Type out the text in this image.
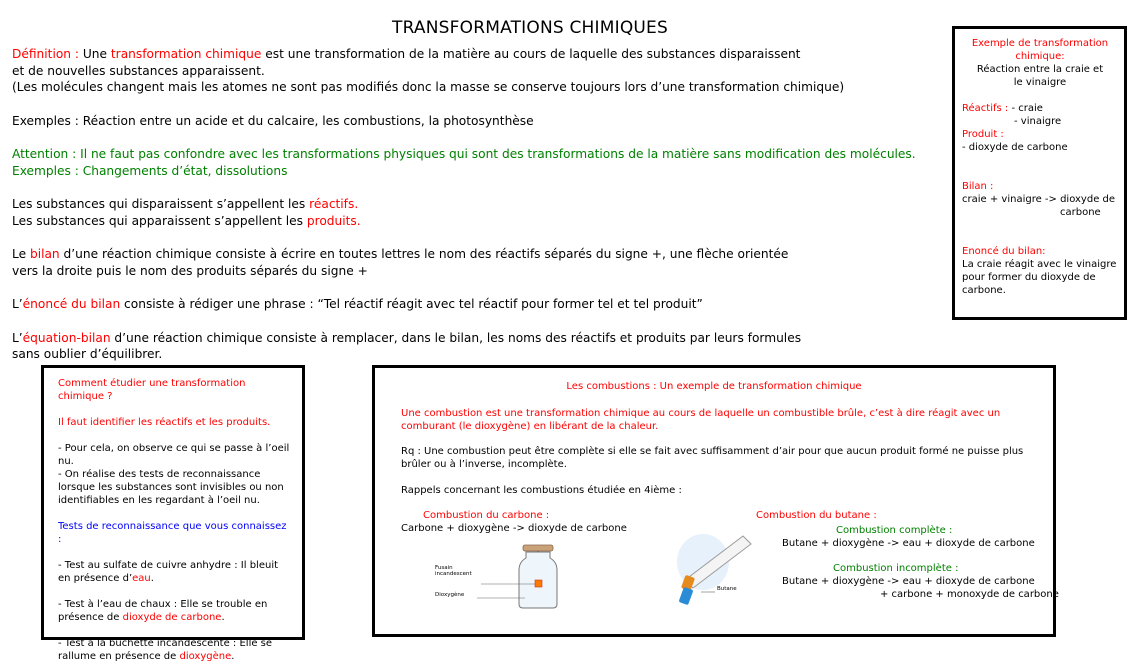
TRANSFORMATIONS CHIMIQUES

Définition : Une transformation chimique est une transformation de la matière au cours de laquelle des substances disparaissent

et de nouvelles substances apparaissent.

(Les molécules changent mais les atomes ne sont pas modifiés donc la masse se conserve toujours lors d’une transformation chimique)

Exemples : Réaction entre un acide et du calcaire, les combustions, la photosynthèse

Attention : Il ne faut pas confondre avec les transformations physiques qui sont des transformations de la matière sans modification des molécules.

Exemples : Changements d’état, dissolutions

Les substances qui disparaissent s’appellent les réactifs.

Les substances qui apparaissent s’appellent les produits.

Le bilan d’une réaction chimique consiste à écrire en toutes lettres le nom des réactifs séparés du signe +, une flèche orientée

vers la droite puis le nom des produits séparés du signe +

L’énoncé du bilan consiste à rédiger une phrase : “Tel réactif réagit avec tel réactif pour former tel et tel produit”

L’équation-bilan d’une réaction chimique consiste à remplacer, dans le bilan, les noms des réactifs et produits par leurs formules

sans oublier d’équilibrer.

Exemple de transformation chimique:

Réaction entre la craie et le vinaigre

Réactifs : - craie

- vinaigre

Produit :

- dioxyde de carbone

Bilan :

craie + vinaigre -> dioxyde de

carbone

Enoncé du bilan:

La craie réagit avec le vinaigre pour former du dioxyde de carbone.

Comment étudier une transformation chimique ?

Il faut identifier les réactifs et les produits.

- Pour cela, on observe ce qui se passe à l’oeil nu.

- On réalise des tests de reconnaissance lorsque les substances sont invisibles ou non identifiables en les regardant à l’oeil nu.

Tests de reconnaissance que vous connaissez :

- Test au sulfate de cuivre anhydre : Il bleuit en présence d’eau.

- Test à l’eau de chaux : Elle se trouble en présence de dioxyde de carbone.

- Test à la bûchette incandescente : Elle se rallume en présence de dioxygène.

Les combustions : Un exemple de transformation chimique

Une combustion est une transformation chimique au cours de laquelle un combustible brûle, c’est à dire réagit avec un comburant (le dioxygène) en libérant de la chaleur.

Rq : Une combustion peut être complète si elle se fait avec suffisamment d’air pour que aucun produit formé ne puisse plus brûler ou à l’inverse, incomplète.

Rappels concernant les combustions étudiée en 4ième :
Combustion du carbone :
Carbone + dioxygène -> dioxyde de carbone
Combustion du butane :
Combustion complète :
Butane + dioxygène -> eau + dioxyde de carbone
Combustion incomplète :
Butane + dioxygène -> eau + dioxyde de carbone
+ carbone + monoxyde de carbone
Fusain incandescent
Dioxygène
Butane
